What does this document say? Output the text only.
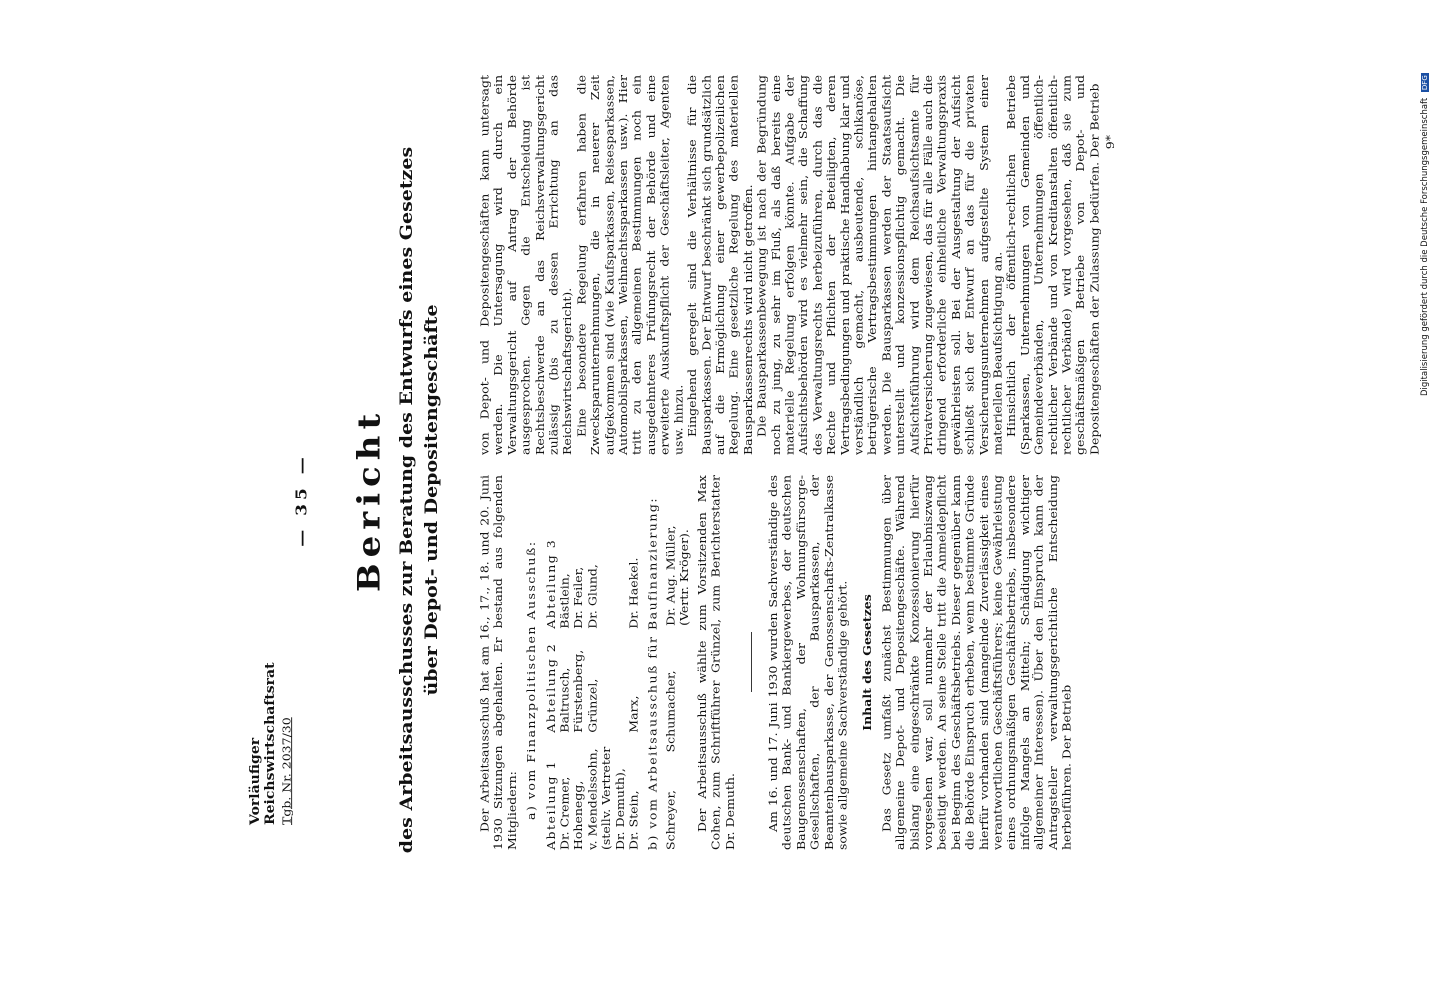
Vorläufiger Reichswirtschaftsrat Tgb. Nr. 2037/30
— 35 — Bericht des Arbeitsausschusses zur Beratung des Entwurfs eines Gesetzes über Depot- und Depositengeschäfte	Der Arbeitsausschuß hat am 16., 17., 18. und 20. Juni 1930 Sitzungen abgehalten. Er bestand aus folgenden Mitgliedern: a) vom Finanzpolitischen Ausschuß: Abteilung 1	Abteilung 2	Abteilung 3
Dr. Cremer,	Baltrusch,	Bästlein,
Hohenegg,	Fürstenberg,	Dr. Feiler,
v. Mendelssohn,	Grünzel,	Dr. Glund,
(stellv. Vertreter		
Dr. Demuth),		
Dr. Stein,	Marx,	Dr. Haekel. b) vom Arbeitsausschuß für Baufinanzierung: Schreyer,	Schumacher,	Dr. Aug. Müller,
		(Vertr. Kröger). Der Arbeitsausschuß wählte zum Vorsitzenden Max Cohen, zum Schriftführer Grünzel, zum Berichterstatter Dr. Demuth. Am 16. und 17. Juni 1930 wurden Sachverständige des deutschen Bank- und Bankiergewerbes, der deutschen Baugenossenschaften, der Wohnungsfürsorge-Gesellschaften, der Bausparkassen, der Beamtenbausparkasse, der Genossenschafts-Zentralkasse sowie allgemeine Sachverständige gehört. Inhalt des Gesetzes Das Gesetz umfaßt zunächst Bestimmungen über allgemeine Depot- und Depositengeschäfte. Während bislang eine eingeschränkte Konzessionierung hierfür vorgesehen war, soll nunmehr der Erlaubniszwang beseitigt werden. An seine Stelle tritt die Anmeldepflicht bei Beginn des Geschäftsbetriebs. Dieser gegenüber kann die Behörde Einspruch erheben, wenn bestimmte Gründe hierfür vorhanden sind (mangelnde Zuverlässigkeit eines verantwortlichen Geschäftsführers; keine Gewährleistung eines ordnungsmäßigen Geschäftsbetriebs, insbesondere infolge Mangels an Mitteln; Schädigung wichtiger allgemeiner Interessen). Über den Einspruch kann der Antragsteller verwaltungsgerichtliche Entscheidung herbeiführen. Der Betrieb

von Depot- und Depositengeschäften kann untersagt werden. Die Untersagung wird durch ein Verwaltungsgericht auf Antrag der Behörde ausgesprochen. Gegen die Entscheidung ist Rechtsbeschwerde an das Reichsverwaltungsgericht zulässig (bis zu dessen Errichtung an das Reichswirtschaftsgericht). Eine besondere Regelung erfahren haben die Zwecksparunternehmungen, die in neuerer Zeit aufgekommen sind (wie Kaufsparkassen, Reisesparkassen, Automobilsparkassen, Weihnachtssparkassen usw.). Hier tritt zu den allgemeinen Bestimmungen noch ein ausgedehnteres Prüfungsrecht der Behörde und eine erweiterte Auskunftspflicht der Geschäftsleiter, Agenten usw. hinzu. Eingehend geregelt sind die Verhältnisse für die Bausparkassen. Der Entwurf beschränkt sich grundsätzlich auf die Ermöglichung einer gewerbepolizeilichen Regelung. Eine gesetzliche Regelung des materiellen Bausparkassenrechts wird nicht getroffen. Die Bausparkassenbewegung ist nach der Begründung noch zu jung, zu sehr im Fluß, als daß bereits eine materielle Regelung erfolgen könnte. Aufgabe der Aufsichtsbehörden wird es vielmehr sein, die Schaffung des Verwaltungsrechts herbeizuführen, durch das die Rechte und Pflichten der Beteiligten, deren Vertragsbedingungen und praktische Handhabung klar und verständlich gemacht, ausbeutende, schikanöse, betrügerische Vertragsbestimmungen hintangehalten werden. Die Bausparkassen werden der Staatsaufsicht unterstellt und konzessionspflichtig gemacht. Die Aufsichtsführung wird dem Reichsaufsichtsamte für Privatversicherung zugewiesen, das für alle Fälle auch die dringend erforderliche einheitliche Verwaltungspraxis gewährleisten soll. Bei der Ausgestaltung der Aufsicht schließt sich der Entwurf an das für die privaten Versicherungsunternehmen aufgestellte System einer materiellen Beaufsichtigung an. Hinsichtlich der öffentlich-rechtlichen Betriebe (Sparkassen, Unternehmungen von Gemeinden und Gemeindeverbänden, Unternehmungen öffentlich-rechtlicher Verbände und von Kreditanstalten öffentlich-rechtlicher Verbände) wird vorgesehen, daß sie zum geschäftsmäßigen Betriebe von Depot- und Depositengeschäften der Zulassung bedürfen. Der Betrieb 9*	Digitalisierung gefördert durch die Deutsche Forschungsgemeinschaft DFG
